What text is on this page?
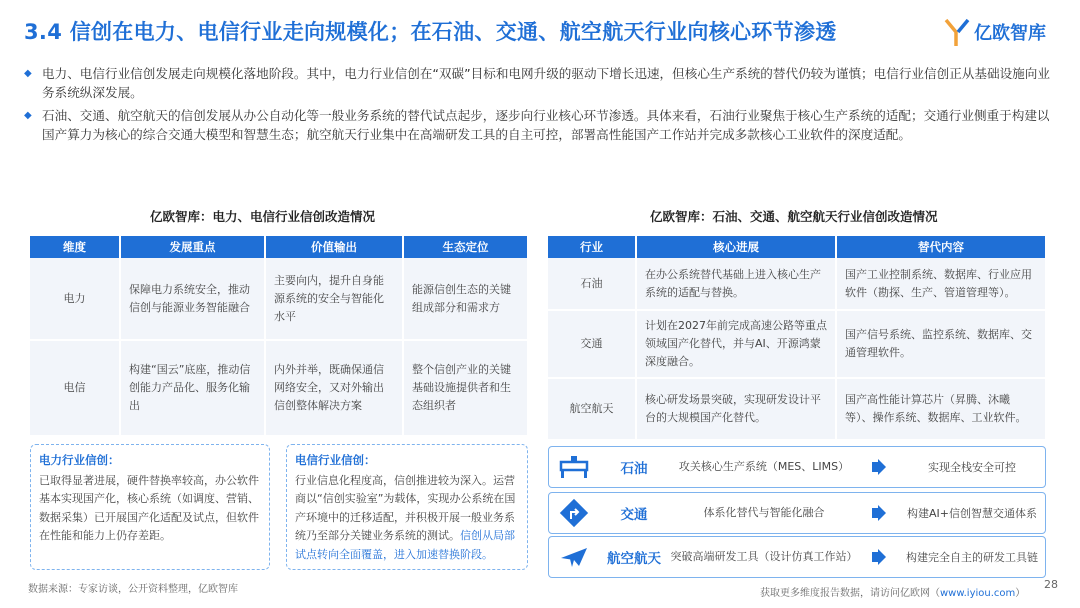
3.4 信创在电力、电信行业走向规模化；在石油、交通、航空航天行业向核心环节渗透	亿欧智库
◆ 电力、电信行业信创发展走向规模化落地阶段。其中，电力行业信创在“双碳”目标和电网升级的驱动下增长迅速，但核心生产系统的替代仍较为谨慎；电信行业信创正从基础设施向业务系统纵深发展。

◆ 石油、交通、航空航天的信创发展从办公自动化等一般业务系统的替代试点起步，逐步向行业核心环节渗透。具体来看，石油行业聚焦于核心生产系统的适配；交通行业侧重于构建以国产算力为核心的综合交通大模型和智慧生态；航空航天行业集中在高端研发工具的自主可控，部署高性能国产工作站并完成多款核心工业软件的深度适配。

亿欧智库：电力、电信行业信创改造情况	亿欧智库：石油、交通、航空航天行业信创改造情况
维度	发展重点	价值输出	生态定位
电力	保障电力系统安全，推动信创与能源业务智能融合	主要向内，提升自身能源系统的安全与智能化水平	能源信创生态的关键组成部分和需求方
电信	构建“国云”底座，推动信创能力产品化、服务化输出	内外并举，既确保通信网络安全，又对外输出信创整体解决方案	整个信创产业的关键基础设施提供者和生态组织者
行业	核心进展	替代内容
石油	在办公系统替代基础上进入核心生产系统的适配与替换。	国产工业控制系统、数据库、行业应用软件（勘探、生产、管道管理等）。
交通	计划在2027年前完成高速公路等重点领域国产化替代，并与AI、开源鸿蒙深度融合。	国产信号系统、监控系统、数据库、交通管理软件。
航空航天	核心研发场景突破，实现研发设计平台的大规模国产化替代。	国产高性能计算芯片（昇腾、沐曦等）、操作系统、数据库、工业软件。
电力行业信创：
已取得显著进展，硬件替换率较高，办公软件基本实现国产化，核心系统（如调度、营销、数据采集）已开展国产化适配及试点，但软件在性能和能力上仍存差距。
电信行业信创：
行业信息化程度高，信创推进较为深入。运营商以“信创实验室”为载体，实现办公系统在国产环境中的迁移适配，并积极开展一般业务系统乃至部分关键业务系统的测试。信创从局部试点转向全面覆盖，进入加速替换阶段。
石油	攻关核心生产系统（MES、LIMS）	实现全栈安全可控
交通	体系化替代与智能化融合	构建AI+信创智慧交通体系
航空航天 突破高端研发工具（设计仿真工作站）	构建完全自主的研发工具链
数据来源：专家访谈，公开资料整理，亿欧智库	获取更多维度报告数据，请访问亿欧网（www.iyiou.com）
28
